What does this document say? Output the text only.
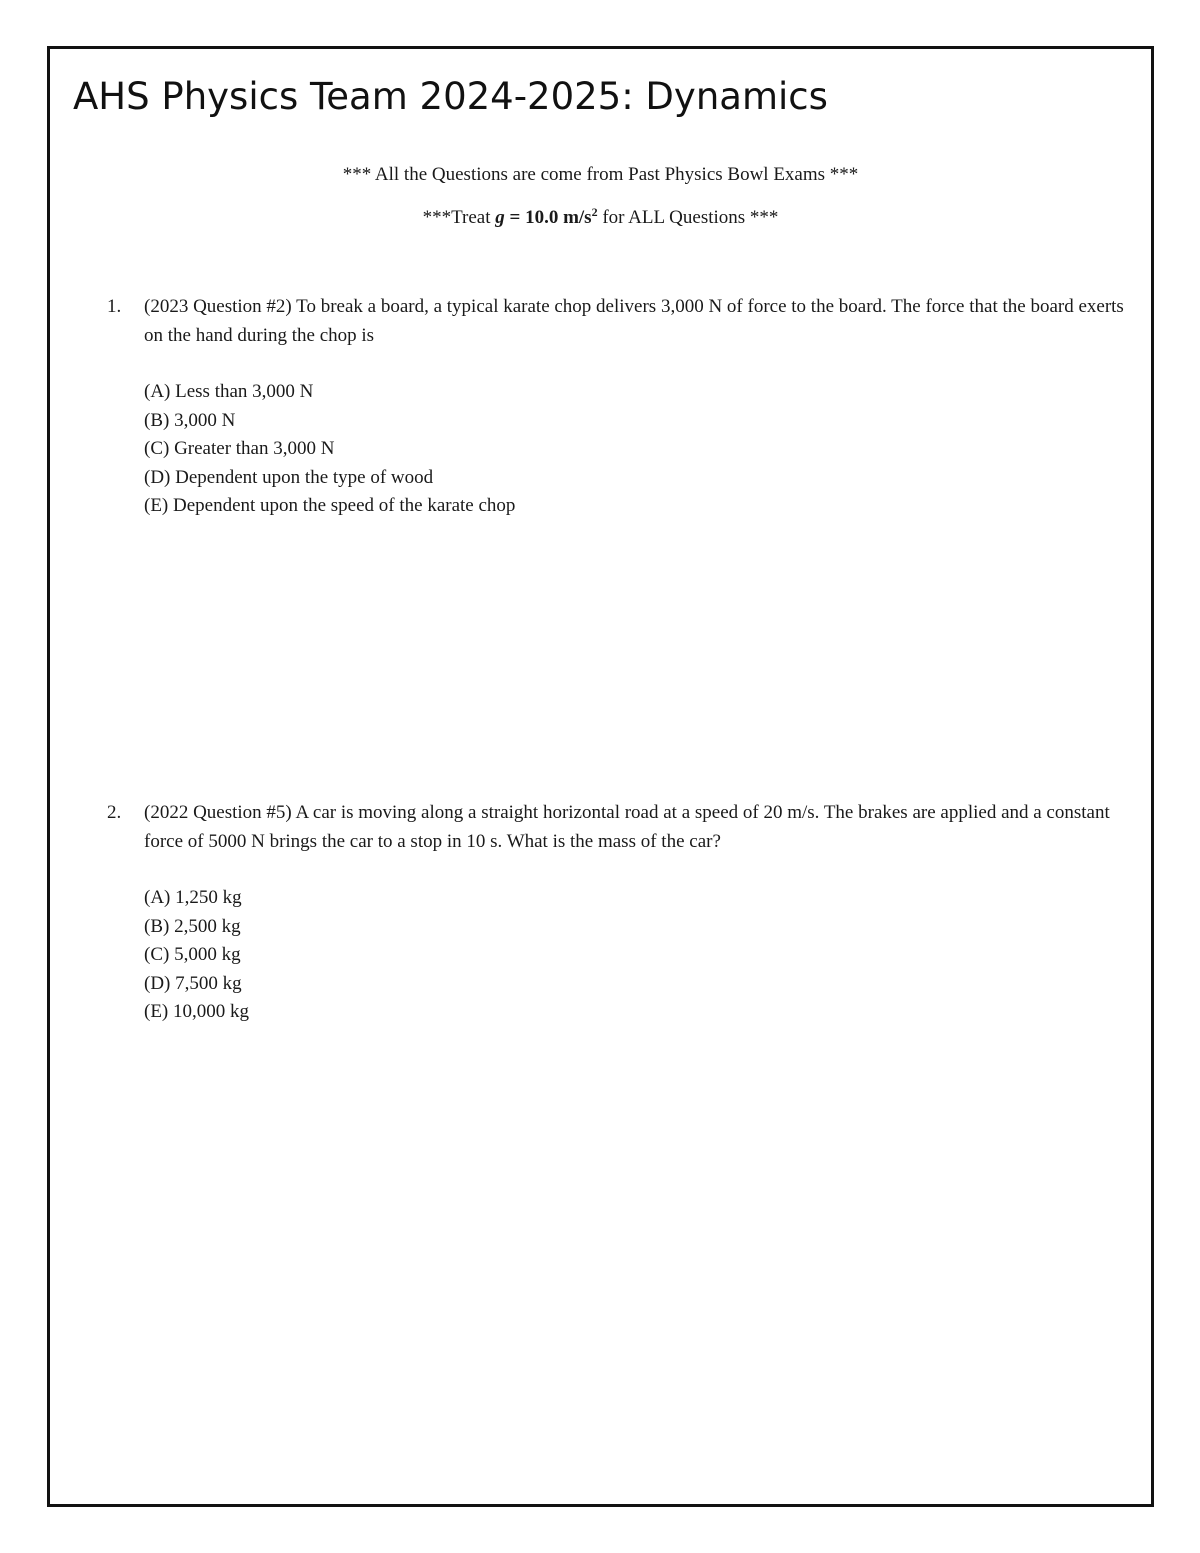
AHS Physics Team 2024-2025: Dynamics
*** All the Questions are come from Past Physics Bowl Exams ***
***Treat g = 10.0 $m/s^2$ for ALL Questions ***
1.	(2023 Question #2) To break a board, a typical karate chop delivers 3,000 N of force to the board. The force that the board exerts on the hand during the chop is
(A) Less than 3,000 N
(B) 3,000 N
(C) Greater than 3,000 N
(D) Dependent upon the type of wood
(E) Dependent upon the speed of the karate chop
2.	(2022 Question #5) A car is moving along a straight horizontal road at a speed of 20 m/s. The brakes are applied and a constant force of 5000 N brings the car to a stop in 10 s. What is the mass of the car?
(A) 1,250 kg
(B) 2,500 kg
(C) 5,000 kg
(D) 7,500 kg
(E) 10,000 kg
